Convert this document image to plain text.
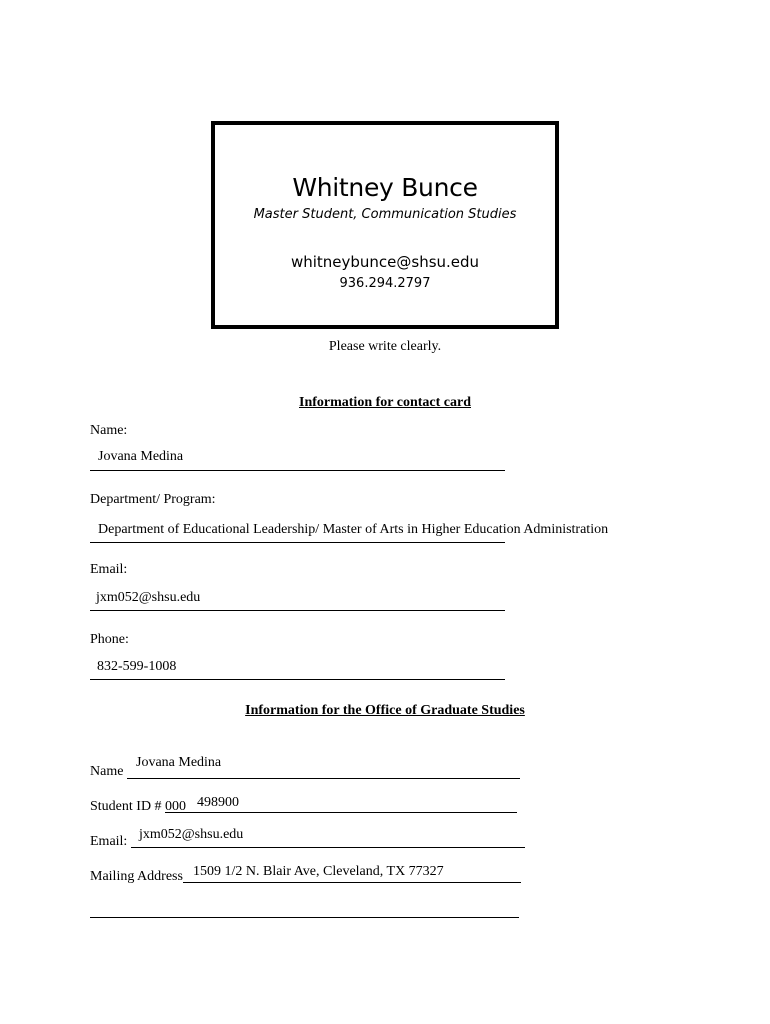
Whitney Bunce
Master Student, Communication Studies
whitneybunce@shsu.edu
936.294.2797
Please write clearly.
Information for contact card
Name:
Jovana Medina
Department/ Program:
Department of Educational Leadership/ Master of Arts in Higher Education Administration
Email:
jxm052@shsu.edu
Phone:
832-599-1008
Information for the Office of Graduate Studies
Name
Jovana Medina
Student ID # 000 498900
Email: jxm052@shsu.edu
Mailing Address 1509 1/2 N. Blair Ave, Cleveland, TX 77327
